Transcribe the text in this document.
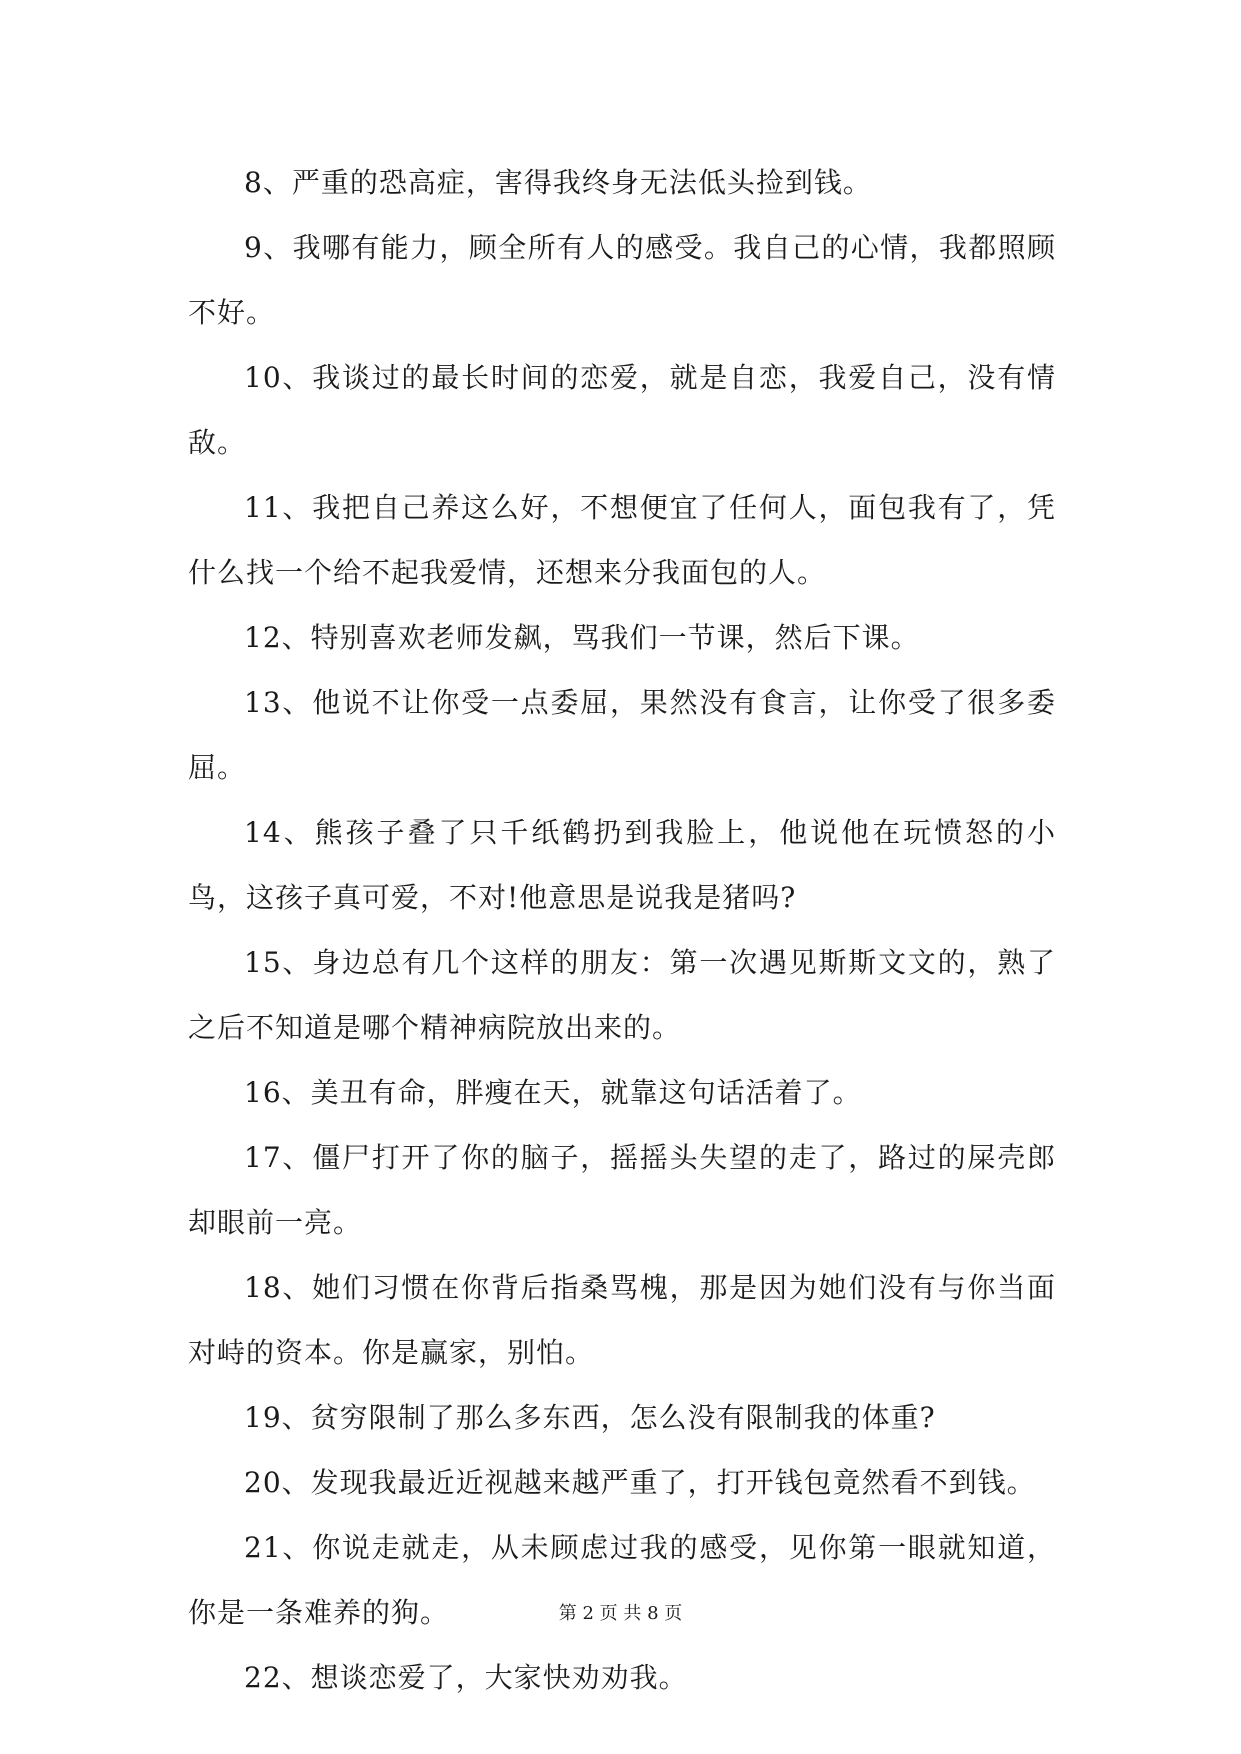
8、严重的恐高症，害得我终身无法低头捡到钱。

9、我哪有能力，顾全所有人的感受。我自己的心情，我都照顾不好。

10、我谈过的最长时间的恋爱，就是自恋，我爱自己，没有情敌。

11、我把自己养这么好，不想便宜了任何人，面包我有了，凭什么找一个给不起我爱情，还想来分我面包的人。

12、特别喜欢老师发飙，骂我们一节课，然后下课。

13、他说不让你受一点委屈，果然没有食言，让你受了很多委屈。

14、熊孩子叠了只千纸鹤扔到我脸上，他说他在玩愤怒的小鸟，这孩子真可爱，不对!他意思是说我是猪吗?

15、身边总有几个这样的朋友：第一次遇见斯斯文文的，熟了之后不知道是哪个精神病院放出来的。

16、美丑有命，胖瘦在天，就靠这句话活着了。

17、僵尸打开了你的脑子，摇摇头失望的走了，路过的屎壳郎却眼前一亮。

18、她们习惯在你背后指桑骂槐，那是因为她们没有与你当面对峙的资本。你是赢家，别怕。

19、贫穷限制了那么多东西，怎么没有限制我的体重?

20、发现我最近近视越来越严重了，打开钱包竟然看不到钱。

21、你说走就走，从未顾虑过我的感受，见你第一眼就知道，你是一条难养的狗。

22、想谈恋爱了，大家快劝劝我。

第 2 页 共 8 页
